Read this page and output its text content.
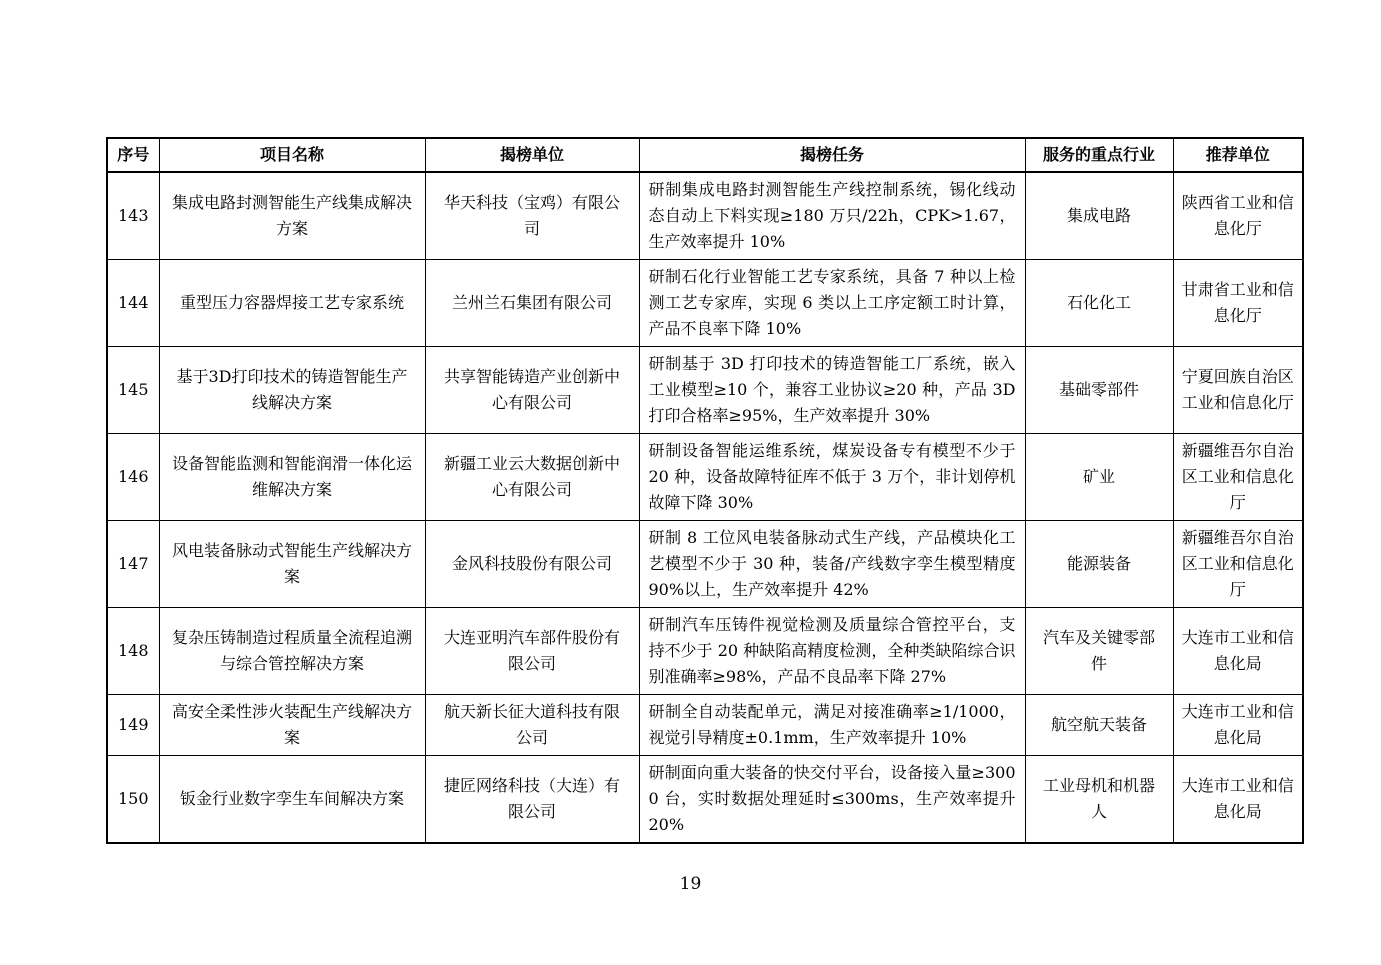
序号	项目名称	揭榜单位	揭榜任务	服务的重点行业	推荐单位
143	集成电路封测智能生产线集成解决方案	华天科技（宝鸡）有限公司	研制集成电路封测智能生产线控制系统，锡化线动态自动上下料实现≥180 万只/22h，CPK>1.67，生产效率提升 10%	集成电路	陕西省工业和信息化厅
144	重型压力容器焊接工艺专家系统	兰州兰石集团有限公司	研制石化行业智能工艺专家系统，具备 7 种以上检测工艺专家库，实现 6 类以上工序定额工时计算，产品不良率下降 10%	石化化工	甘肃省工业和信息化厅
145	基于3D打印技术的铸造智能生产线解决方案	共享智能铸造产业创新中心有限公司	研制基于 3D 打印技术的铸造智能工厂系统，嵌入工业模型≥10 个，兼容工业协议≥20 种，产品 3D 打印合格率≥95%，生产效率提升 30%	基础零部件	宁夏回族自治区工业和信息化厅
146	设备智能监测和智能润滑一体化运维解决方案	新疆工业云大数据创新中心有限公司	研制设备智能运维系统，煤炭设备专有模型不少于 20 种，设备故障特征库不低于 3 万个，非计划停机故障下降 30%	矿业	新疆维吾尔自治区工业和信息化厅
147	风电装备脉动式智能生产线解决方案	金风科技股份有限公司	研制 8 工位风电装备脉动式生产线，产品模块化工艺模型不少于 30 种，装备/产线数字孪生模型精度 90%以上，生产效率提升 42%	能源装备	新疆维吾尔自治区工业和信息化厅
148	复杂压铸制造过程质量全流程追溯与综合管控解决方案	大连亚明汽车部件股份有限公司	研制汽车压铸件视觉检测及质量综合管控平台，支持不少于 20 种缺陷高精度检测，全种类缺陷综合识别准确率≥98%，产品不良品率下降 27%	汽车及关键零部件	大连市工业和信息化局
149	高安全柔性涉火装配生产线解决方案	航天新长征大道科技有限公司	研制全自动装配单元，满足对接准确率≥1/1000，视觉引导精度±0.1mm，生产效率提升 10%	航空航天装备	大连市工业和信息化局
150	钣金行业数字孪生车间解决方案	捷匠网络科技（大连）有限公司	研制面向重大装备的快交付平台，设备接入量≥3000 台，实时数据处理延时≤300ms，生产效率提升 20%	工业母机和机器人	大连市工业和信息化局
19
